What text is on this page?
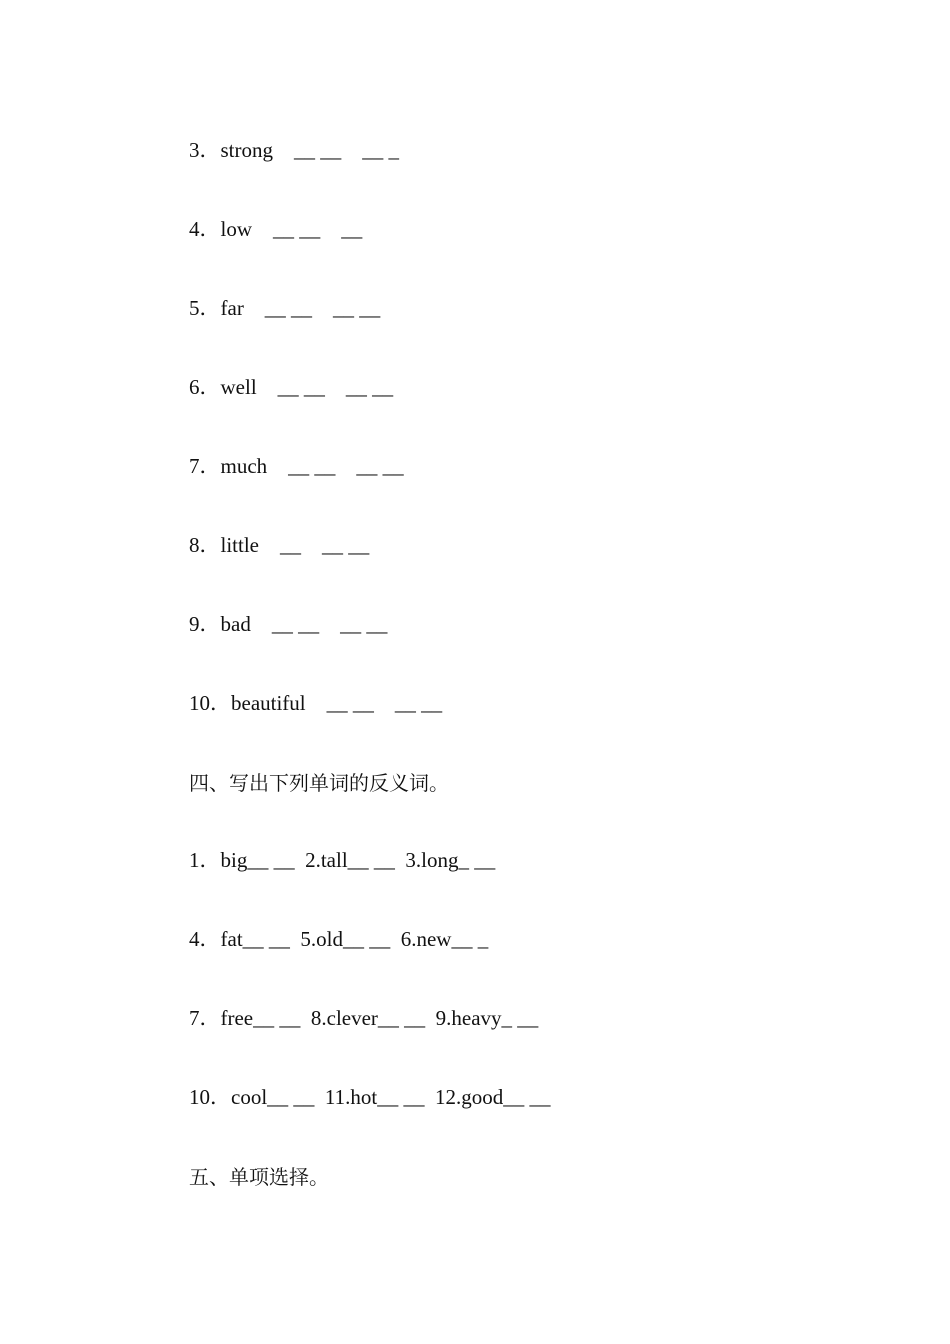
3．strong    __ __    __ _
4．low    __ __    __
5．far    __ __    __ __
6．well    __ __    __ __
7．much    __ __    __ __
8．little    __    __ __
9．bad    __ __    __ __
10．beautiful    __ __    __ __
四、写出下列单词的反义词。
1．big__ __  2.tall__ __  3.long_ __
4．fat__ __  5.old__ __  6.new__ _
7．free__ __  8.clever__ __  9.heavy_ __
10．cool__ __  11.hot__ __  12.good__ __
五、单项选择。
